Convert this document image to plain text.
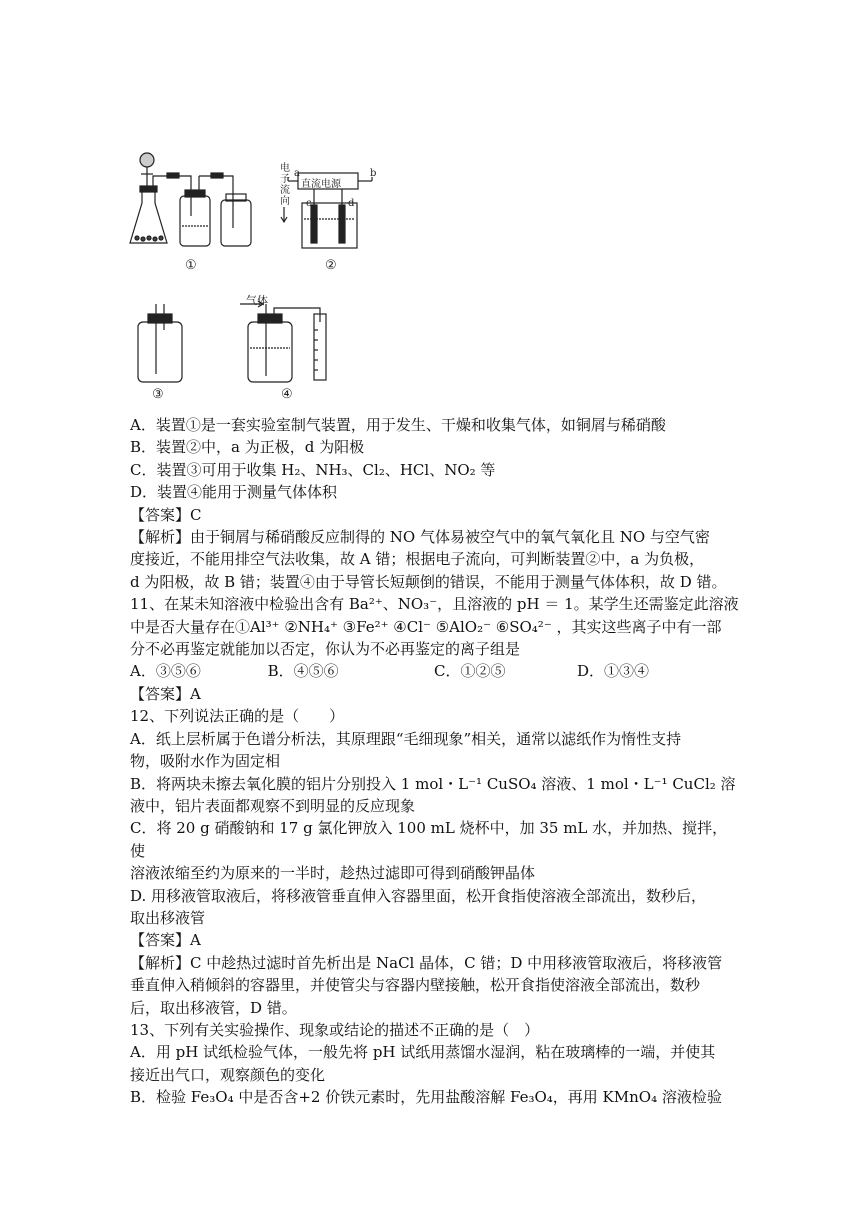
①
直流电源
电子流向
a	b
c	d
②
③
气体
④
A．装置①是一套实验室制气装置，用于发生、干燥和收集气体，如铜屑与稀硝酸
B．装置②中，a 为正极，d 为阳极
C．装置③可用于收集 H₂、NH₃、Cl₂、HCl、NO₂ 等
D．装置④能用于测量气体体积
【答案】C
【解析】由于铜屑与稀硝酸反应制得的 NO 气体易被空气中的氧气氧化且 NO 与空气密
度接近，不能用排空气法收集，故 A 错；根据电子流向，可判断装置②中，a 为负极，
d 为阳极，故 B 错；装置④由于导管长短颠倒的错误，不能用于测量气体体积，故 D 错。
11、在某未知溶液中检验出含有 Ba²⁺、NO₃⁻，且溶液的 pH ＝ 1。某学生还需鉴定此溶液
中是否大量存在①Al³⁺ ②NH₄⁺ ③Fe²⁺ ④Cl⁻ ⑤AlO₂⁻ ⑥SO₄²⁻ ，其实这些离子中有一部
分不必再鉴定就能加以否定，你认为不必再鉴定的离子组是
A．③⑤⑥              B．④⑤⑥                    C．①②⑤               D．①③④
【答案】A
12、下列说法正确的是（　　）
A．纸上层析属于色谱分析法，其原理跟“毛细现象”相关，通常以滤纸作为惰性支持
物，吸附水作为固定相
B．将两块未擦去氧化膜的铝片分别投入 1 mol・L⁻¹ CuSO₄ 溶液、1 mol・L⁻¹ CuCl₂ 溶
液中，铝片表面都观察不到明显的反应现象
C．将 20 g 硝酸钠和 17 g 氯化钾放入 100 mL 烧杯中，加 35 mL 水，并加热、搅拌，使
溶液浓缩至约为原来的一半时，趁热过滤即可得到硝酸钾晶体
D. 用移液管取液后，将移液管垂直伸入容器里面，松开食指使溶液全部流出，数秒后，
取出移液管
【答案】A
【解析】C 中趁热过滤时首先析出是 NaCl 晶体，C 错；D 中用移液管取液后，将移液管
垂直伸入稍倾斜的容器里，并使管尖与容器内壁接触，松开食指使溶液全部流出，数秒
后，取出移液管，D 错。
13、下列有关实验操作、现象或结论的描述不正确的是（　）
A．用 pH 试纸检验气体，一般先将 pH 试纸用蒸馏水湿润，粘在玻璃棒的一端，并使其
接近出气口，观察颜色的变化
B．检验 Fe₃O₄ 中是否含+2 价铁元素时，先用盐酸溶解 Fe₃O₄，再用 KMnO₄ 溶液检验
